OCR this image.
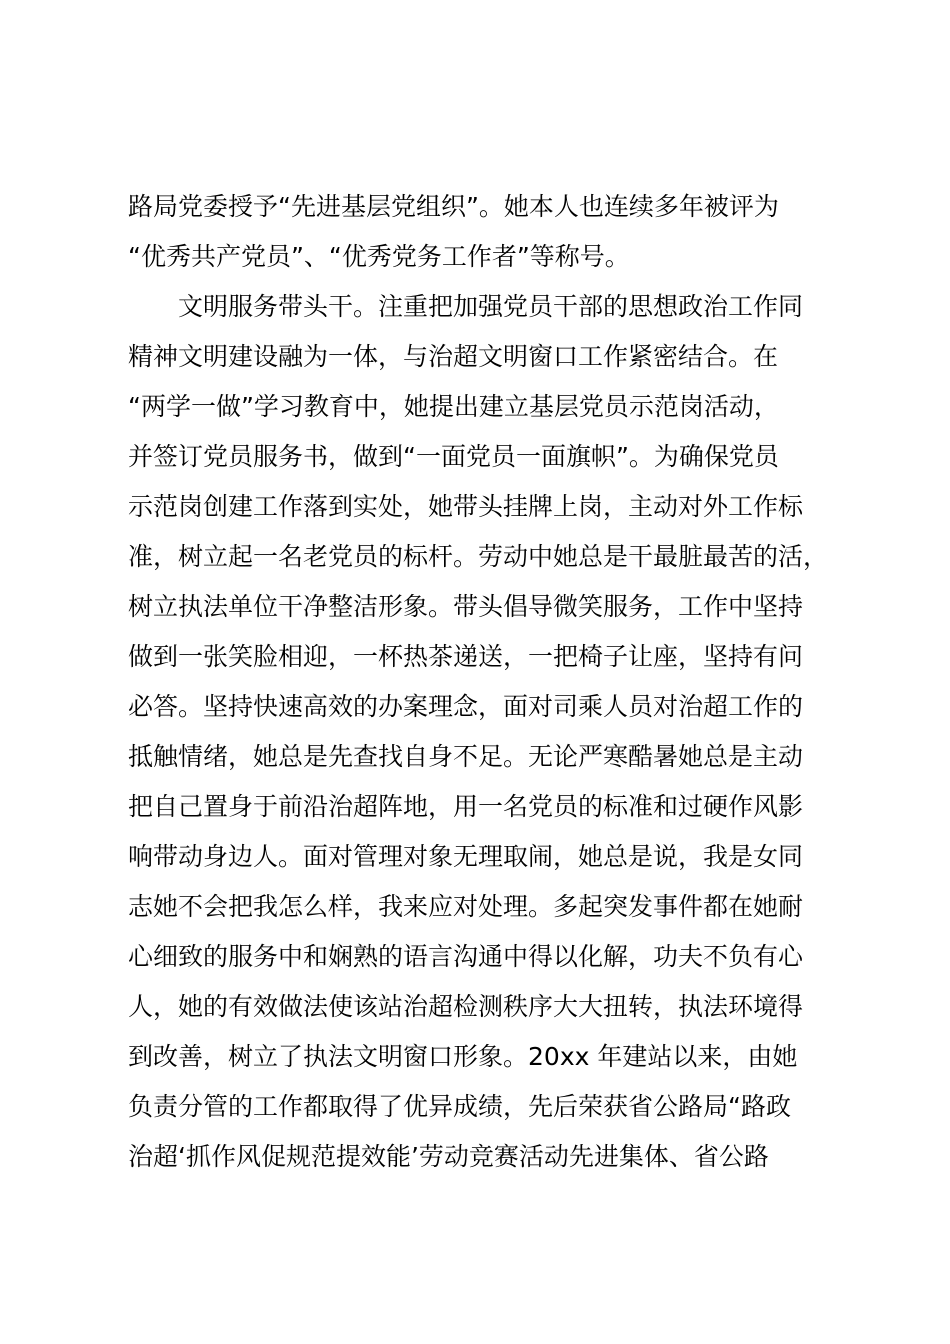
路局党委授予“先进基层党组织”。她本人也连续多年被评为
“优秀共产党员”、“优秀党务工作者”等称号。
文明服务带头干。注重把加强党员干部的思想政治工作同
精神文明建设融为一体，与治超文明窗口工作紧密结合。在
“两学一做”学习教育中，她提出建立基层党员示范岗活动，
并签订党员服务书，做到“一面党员一面旗帜”。为确保党员
示范岗创建工作落到实处，她带头挂牌上岗，主动对外工作标
准，树立起一名老党员的标杆。劳动中她总是干最脏最苦的活，
树立执法单位干净整洁形象。带头倡导微笑服务，工作中坚持
做到一张笑脸相迎，一杯热茶递送，一把椅子让座，坚持有问
必答。坚持快速高效的办案理念，面对司乘人员对治超工作的
抵触情绪，她总是先查找自身不足。无论严寒酷暑她总是主动
把自己置身于前沿治超阵地，用一名党员的标准和过硬作风影
响带动身边人。面对管理对象无理取闹，她总是说，我是女同
志她不会把我怎么样，我来应对处理。多起突发事件都在她耐
心细致的服务中和娴熟的语言沟通中得以化解，功夫不负有心
人，她的有效做法使该站治超检测秩序大大扭转，执法环境得
到改善，树立了执法文明窗口形象。20xx 年建站以来，由她
负责分管的工作都取得了优异成绩，先后荣获省公路局“路政
治超‘抓作风促规范提效能’劳动竞赛活动先进集体、省公路
